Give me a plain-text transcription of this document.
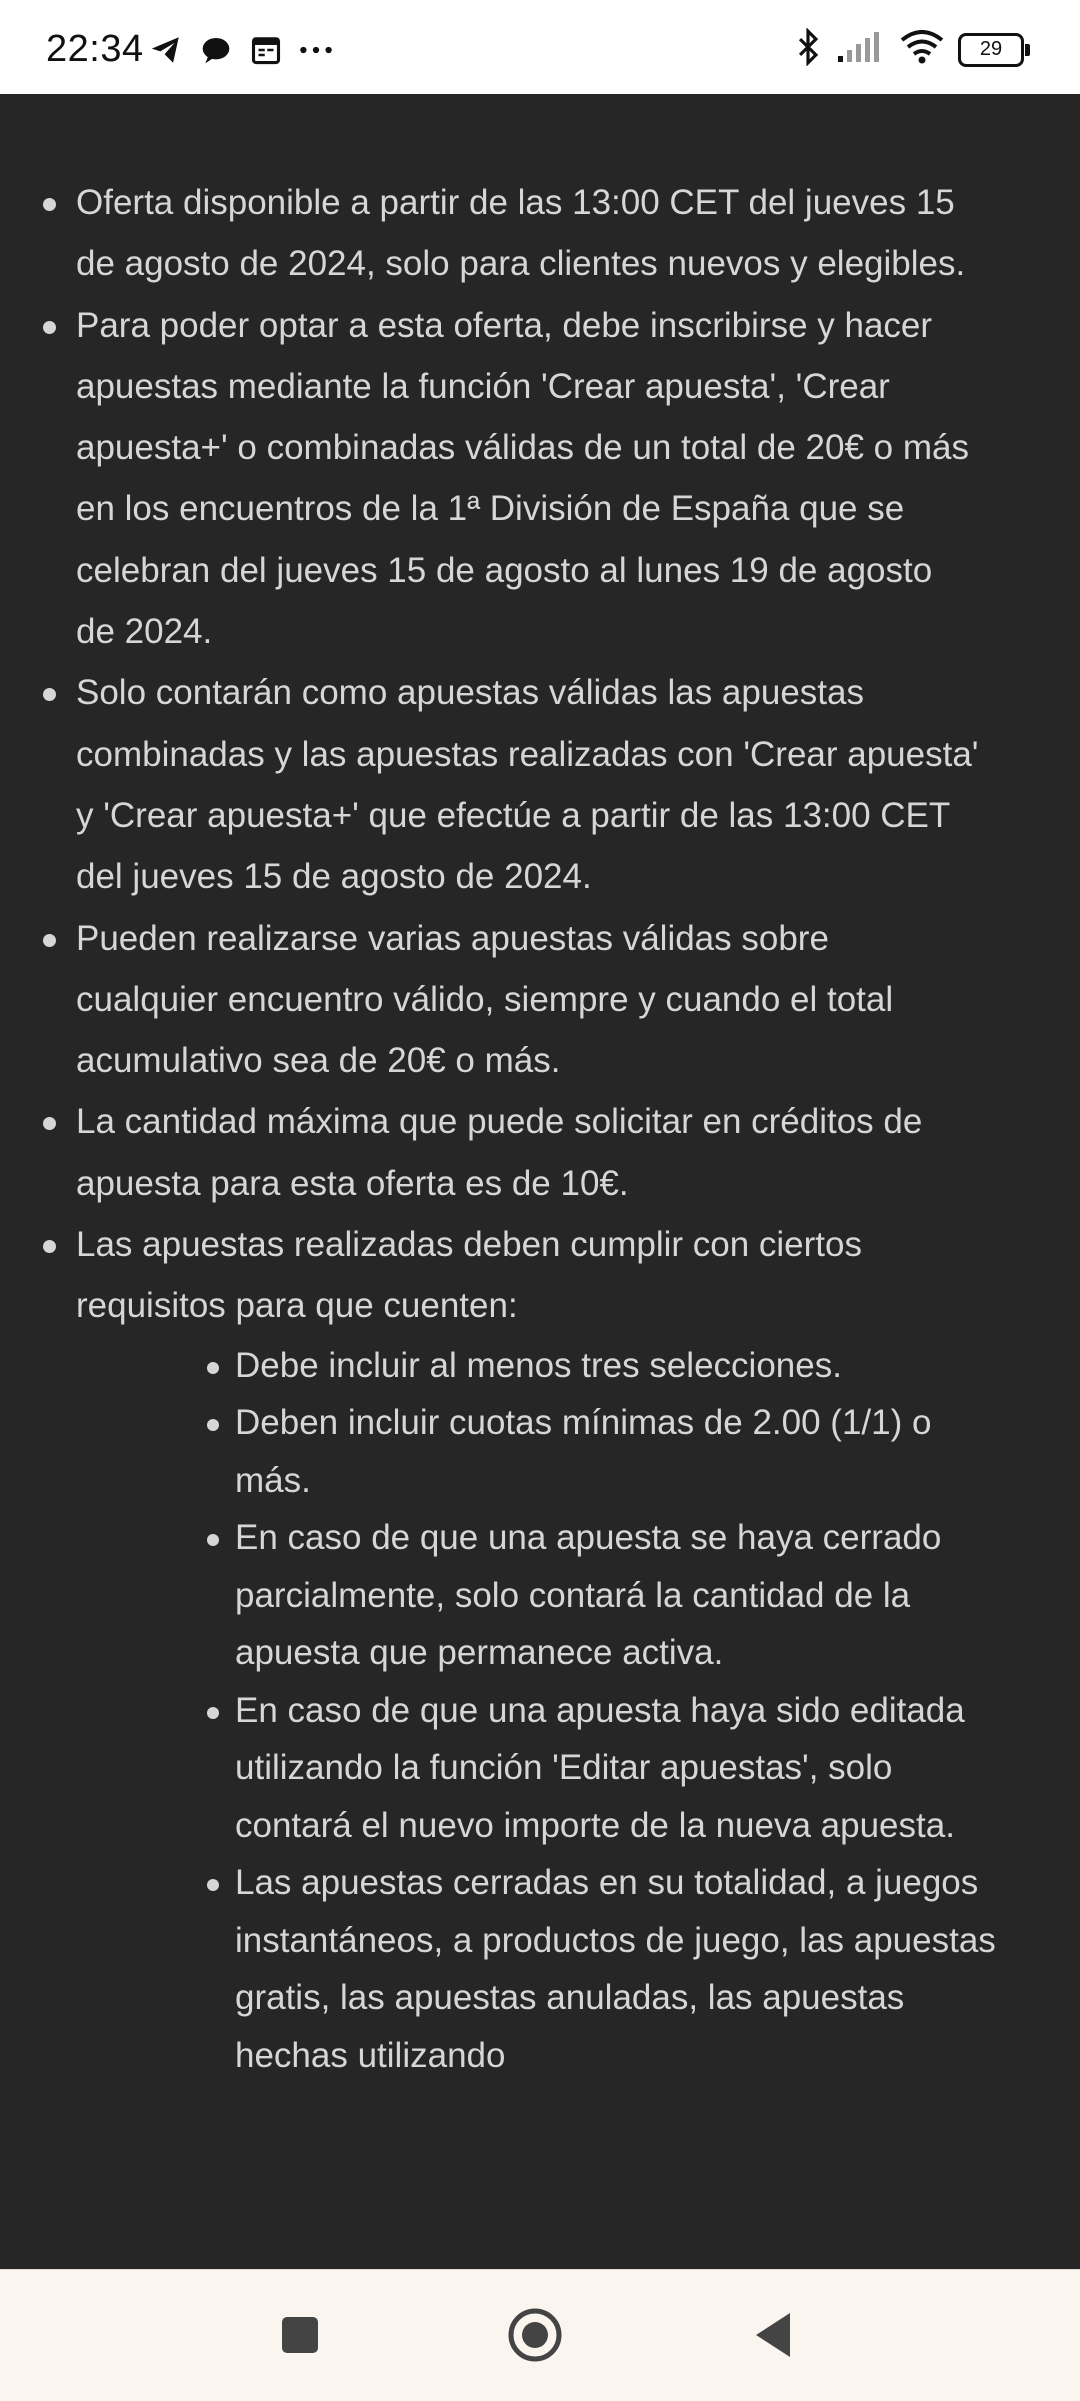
22:34	29
Oferta disponible a partir de las 13:00 CET del jueves 15 de agosto de 2024, solo para clientes nuevos y elegibles.
Para poder optar a esta oferta, debe inscribirse y hacer apuestas mediante la función 'Crear apuesta', 'Crear apuesta+' o combinadas válidas de un total de 20€ o más en los encuentros de la 1ª División de España que se celebran del jueves 15 de agosto al lunes 19 de agosto de 2024.
Solo contarán como apuestas válidas las apuestas combinadas y las apuestas realizadas con 'Crear apuesta' y 'Crear apuesta+' que efectúe a partir de las 13:00 CET del jueves 15 de agosto de 2024.
Pueden realizarse varias apuestas válidas sobre cualquier encuentro válido, siempre y cuando el total acumulativo sea de 20€ o más.
La cantidad máxima que puede solicitar en créditos de apuesta para esta oferta es de 10€.
Las apuestas realizadas deben cumplir con ciertos requisitos para que cuenten:
Debe incluir al menos tres selecciones.
Deben incluir cuotas mínimas de 2.00 (1/1) o más.
En caso de que una apuesta se haya cerrado parcialmente, solo contará la cantidad de la apuesta que permanece activa.
En caso de que una apuesta haya sido editada utilizando la función 'Editar apuestas', solo contará el nuevo importe de la nueva apuesta.
Las apuestas cerradas en su totalidad, a juegos instantáneos, a productos de juego, las apuestas gratis, las apuestas anuladas, las apuestas hechas utilizando
